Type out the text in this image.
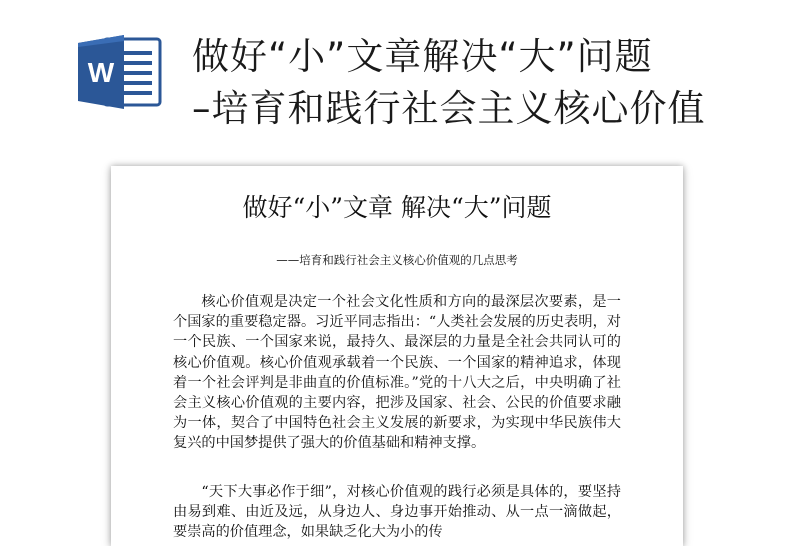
W 做好“小”文章解决“大”问题
–培育和践行社会主义核心价值
做好“小”文章 解决“大”问题
——培育和践行社会主义核心价值观的几点思考

核心价值观是决定一个社会文化性质和方向的最深层次要素，是一个国家的重要稳定器。习近平同志指出：“人类社会发展的历史表明，对一个民族、一个国家来说，最持久、最深层的力量是全社会共同认可的核心价值观。核心价值观承载着一个民族、一个国家的精神追求，体现着一个社会评判是非曲直的价值标准。”党的十八大之后，中央明确了社会主义核心价值观的主要内容，把涉及国家、社会、公民的价值要求融为一体，契合了中国特色社会主义发展的新要求，为实现中华民族伟大复兴的中国梦提供了强大的价值基础和精神支撑。

“天下大事必作于细”，对核心价值观的践行必须是具体的，要坚持由易到难、由近及远，从身边人、身边事开始推动、从一点一滴做起，要崇高的价值理念，如果缺乏化大为小的传
